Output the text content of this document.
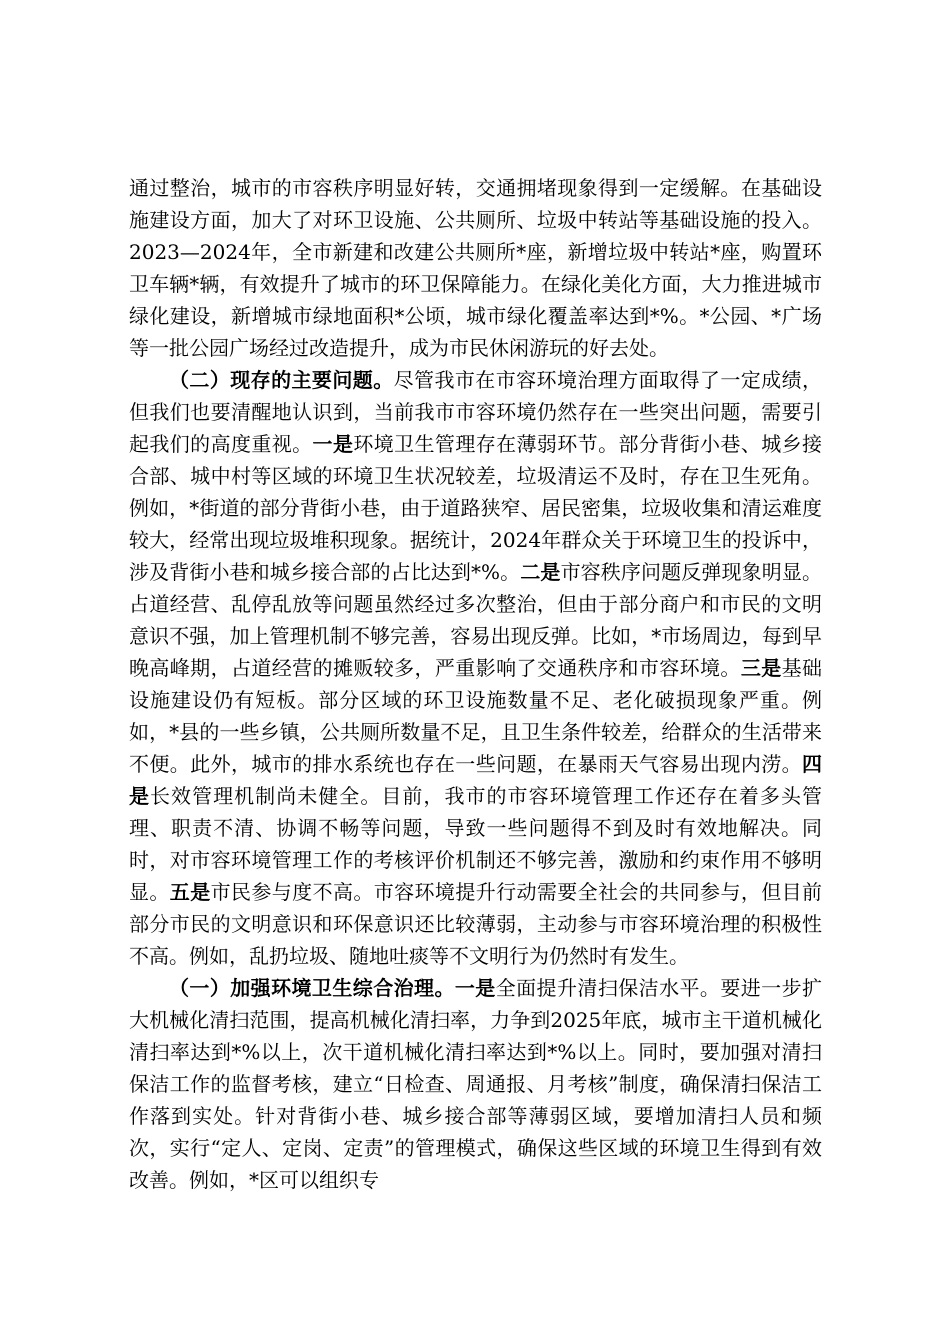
通过整治，城市的市容秩序明显好转，交通拥堵现象得到一定缓解。在基础设施建设方面，加大了对环卫设施、公共厕所、垃圾中转站等基础设施的投入。2023—2024年，全市新建和改建公共厕所*座，新增垃圾中转站*座，购置环卫车辆*辆，有效提升了城市的环卫保障能力。在绿化美化方面，大力推进城市绿化建设，新增城市绿地面积*公顷，城市绿化覆盖率达到*%。*公园、*广场等一批公园广场经过改造提升，成为市民休闲游玩的好去处。

（二）现存的主要问题。尽管我市在市容环境治理方面取得了一定成绩，但我们也要清醒地认识到，当前我市市容环境仍然存在一些突出问题，需要引起我们的高度重视。一是环境卫生管理存在薄弱环节。部分背街小巷、城乡接合部、城中村等区域的环境卫生状况较差，垃圾清运不及时，存在卫生死角。例如，*街道的部分背街小巷，由于道路狭窄、居民密集，垃圾收集和清运难度较大，经常出现垃圾堆积现象。据统计，2024年群众关于环境卫生的投诉中，涉及背街小巷和城乡接合部的占比达到*%。二是市容秩序问题反弹现象明显。占道经营、乱停乱放等问题虽然经过多次整治，但由于部分商户和市民的文明意识不强，加上管理机制不够完善，容易出现反弹。比如，*市场周边，每到早晚高峰期，占道经营的摊贩较多，严重影响了交通秩序和市容环境。三是基础设施建设仍有短板。部分区域的环卫设施数量不足、老化破损现象严重。例如，*县的一些乡镇，公共厕所数量不足，且卫生条件较差，给群众的生活带来不便。此外，城市的排水系统也存在一些问题，在暴雨天气容易出现内涝。四是长效管理机制尚未健全。目前，我市的市容环境管理工作还存在着多头管理、职责不清、协调不畅等问题，导致一些问题得不到及时有效地解决。同时，对市容环境管理工作的考核评价机制还不够完善，激励和约束作用不够明显。五是市民参与度不高。市容环境提升行动需要全社会的共同参与，但目前部分市民的文明意识和环保意识还比较薄弱，主动参与市容环境治理的积极性不高。例如，乱扔垃圾、随地吐痰等不文明行为仍然时有发生。

（一）加强环境卫生综合治理。一是全面提升清扫保洁水平。要进一步扩大机械化清扫范围，提高机械化清扫率，力争到2025年底，城市主干道机械化清扫率达到*%以上，次干道机械化清扫率达到*%以上。同时，要加强对清扫保洁工作的监督考核，建立“日检查、周通报、月考核”制度，确保清扫保洁工作落到实处。针对背街小巷、城乡接合部等薄弱区域，要增加清扫人员和频次，实行“定人、定岗、定责”的管理模式，确保这些区域的环境卫生得到有效改善。例如，*区可以组织专
